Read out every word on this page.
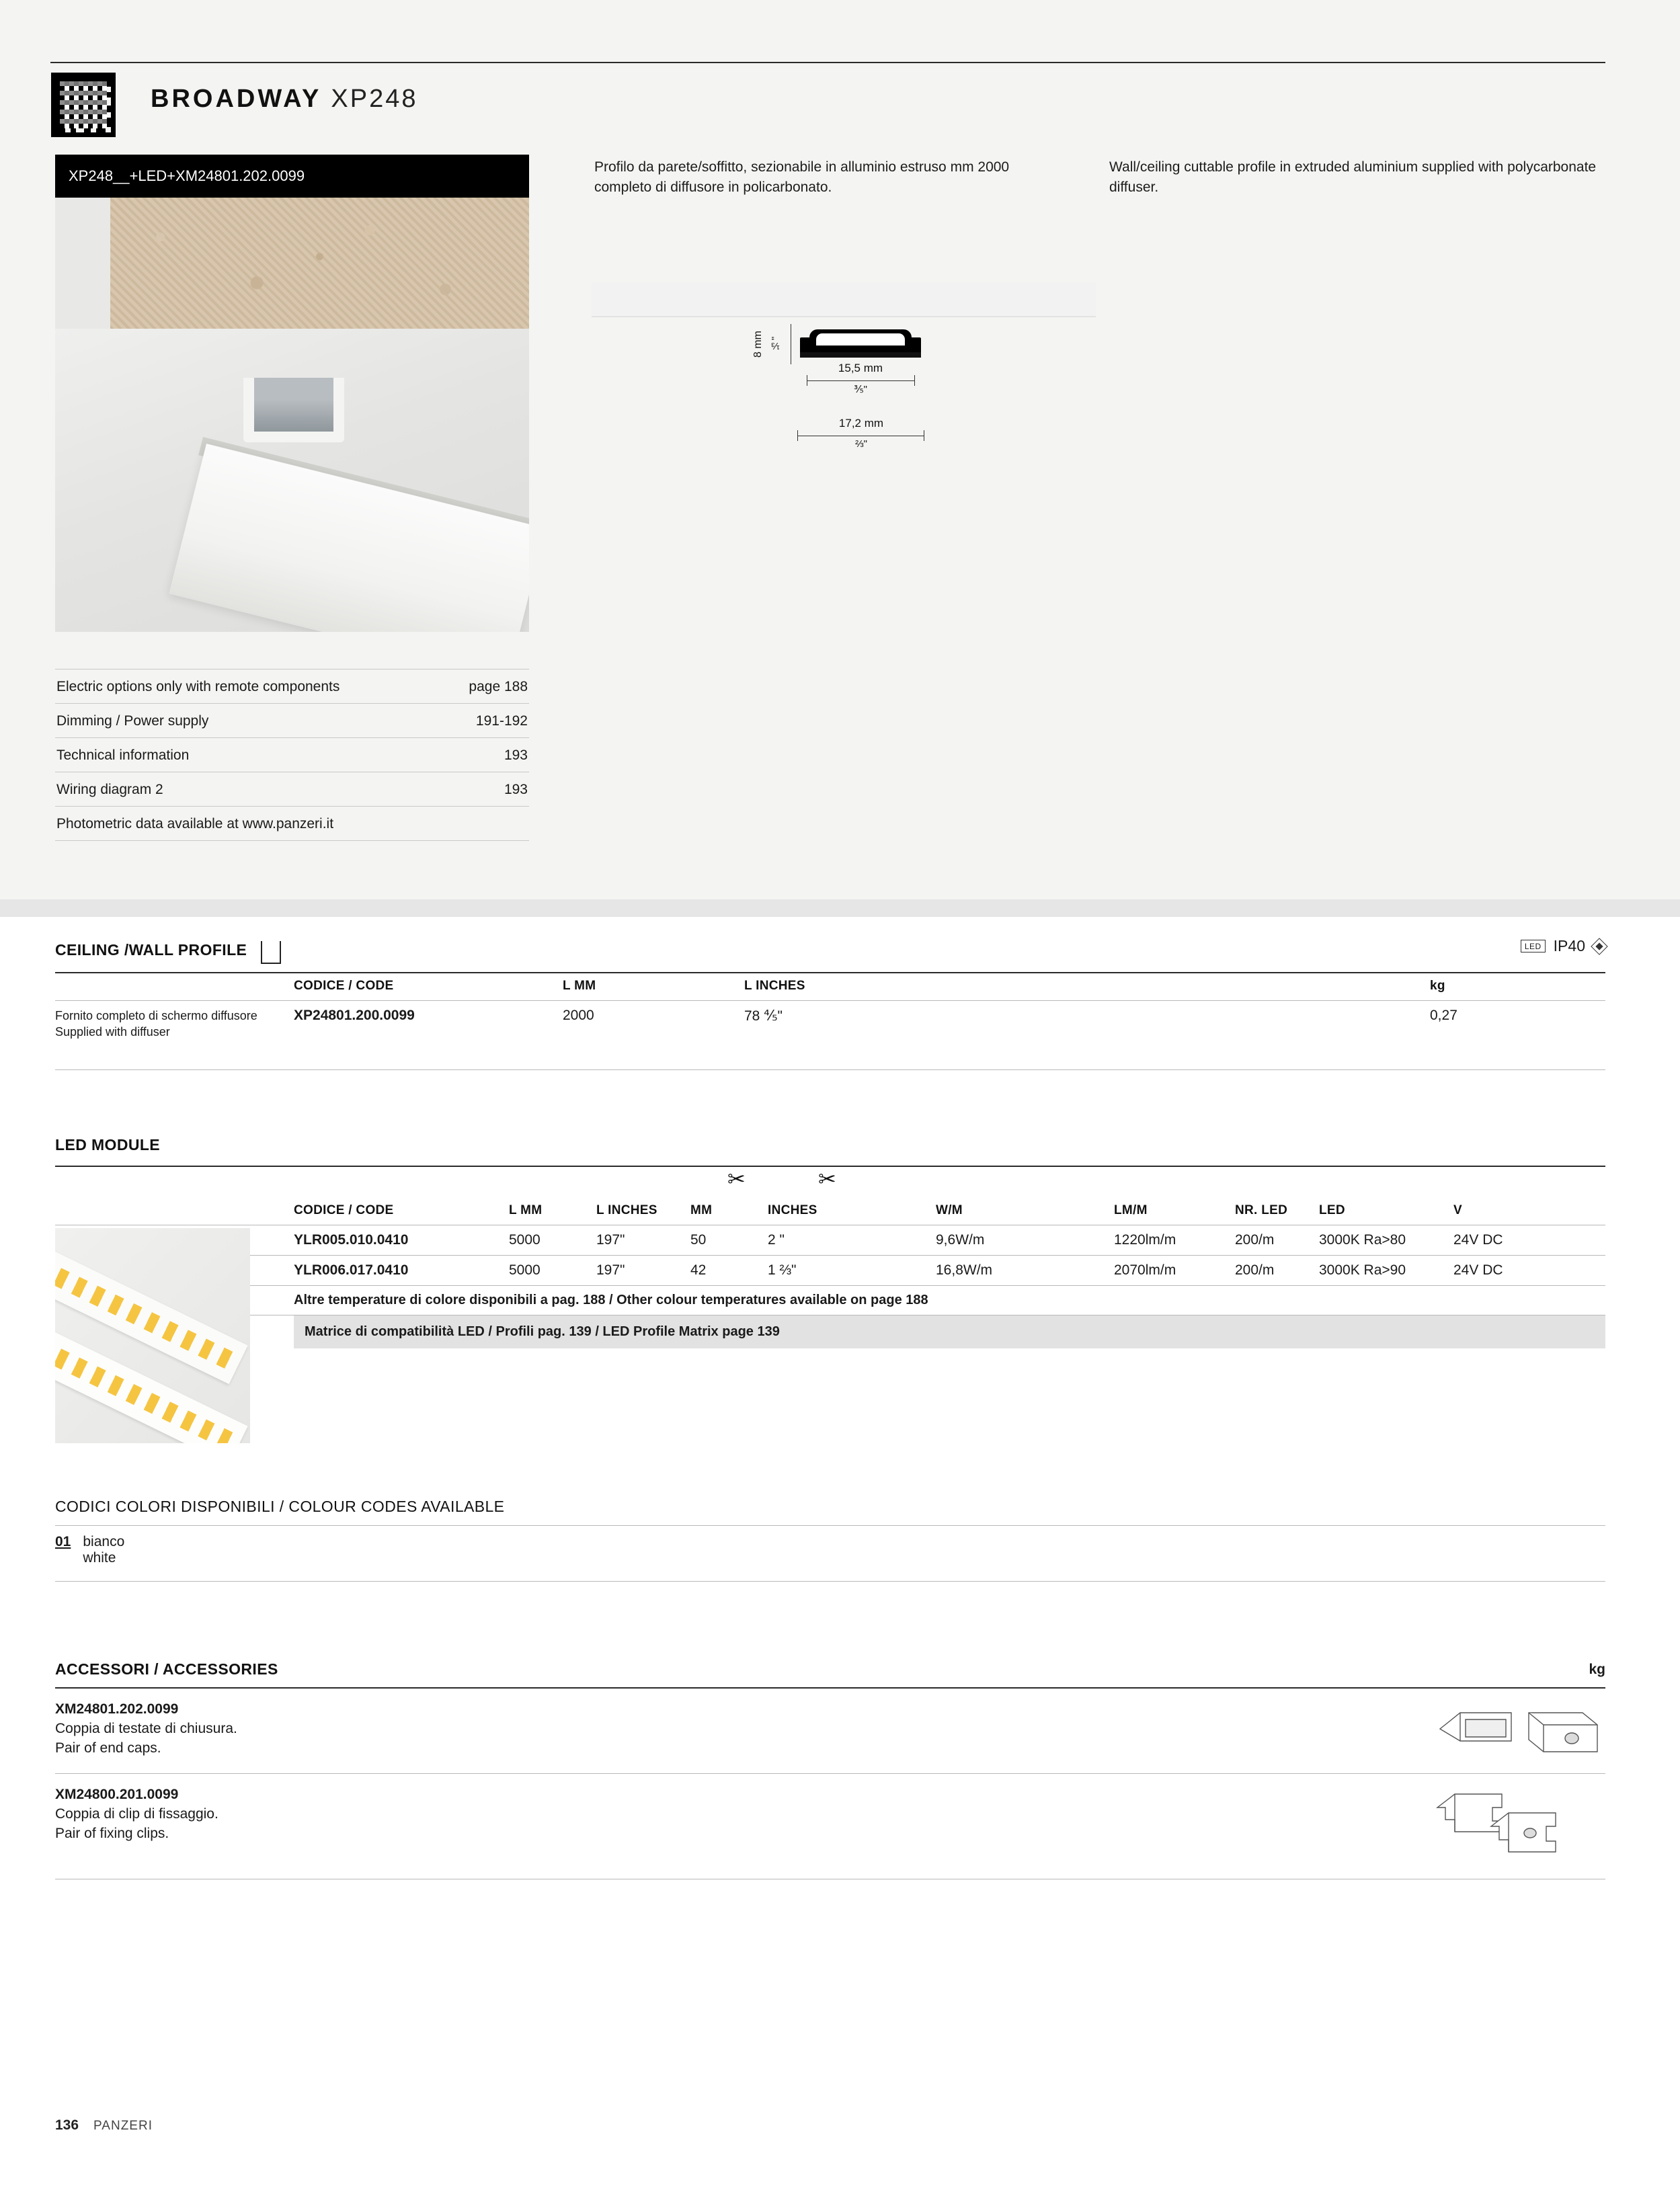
BROADWAY XP248
XP248__+LED+XM24801.202.0099
Profilo da parete/soffitto, sezionabile in alluminio estruso mm 2000 completo di diffusore in policarbonato.
Wall/ceiling cuttable profile in extruded aluminium supplied with polycarbonate diffuser.
8 mm ⅓"
15,5 mm
⅗"
17,2 mm
⅔"
Electric options only with remote components	page 188
Dimming / Power supply	191-192
Technical information	193
Wiring diagram 2	193
Photometric data available at www.panzeri.it
CEILING /WALL PROFILE	LED IP40
	CODICE / CODE	L MM	L INCHES	kg

Fornito completo di schermo diffusore
Supplied with diffuser	XP24801.200.0099	2000	78 ⅘"	0,27
LED MODULE
✂	✂
	CODICE / CODE	L MM	L INCHES	MM	INCHES	W/M	LM/M	NR. LED	LED	V

	YLR005.010.0410	5000	197"	50	2 "	9,6W/m	1220lm/m	200/m	3000K Ra>80	24V DC

	YLR006.017.0410	5000	197"	42	1 ⅔"	16,8W/m	2070lm/m	200/m	3000K Ra>90	24V DC

	Altre temperature di colore disponibili a pag. 188 / Other colour temperatures available on page 188									

Matrice di compatibilità LED / Profili pag. 139 / LED Profile Matrix page 139
CODICI COLORI DISPONIBILI / COLOUR CODES AVAILABLE
01 bianco
white
ACCESSORI / ACCESSORIES	kg
XM24801.202.0099
Coppia di testate di chiusura.
Pair of end caps.
XM24800.201.0099
Coppia di clip di fissaggio.
Pair of fixing clips.
136 PANZERI
